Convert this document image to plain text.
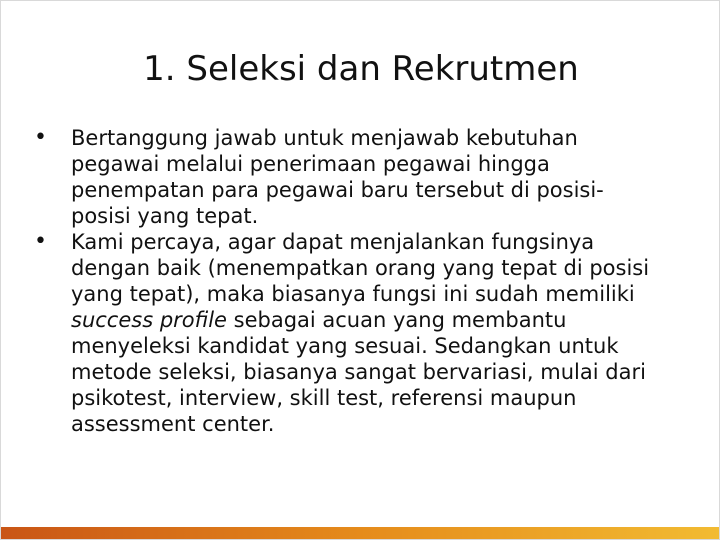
1. Seleksi dan Rekrutmen
• Bertanggung jawab untuk menjawab kebutuhan
pegawai melalui penerimaan pegawai hingga
penempatan para pegawai baru tersebut di posisi-
posisi yang tepat.
• Kami percaya, agar dapat menjalankan fungsinya
dengan baik (menempatkan orang yang tepat di posisi
yang tepat), maka biasanya fungsi ini sudah memiliki
success profile sebagai acuan yang membantu
menyeleksi kandidat yang sesuai. Sedangkan untuk
metode seleksi, biasanya sangat bervariasi, mulai dari
psikotest, interview, skill test, referensi maupun
assessment center.
